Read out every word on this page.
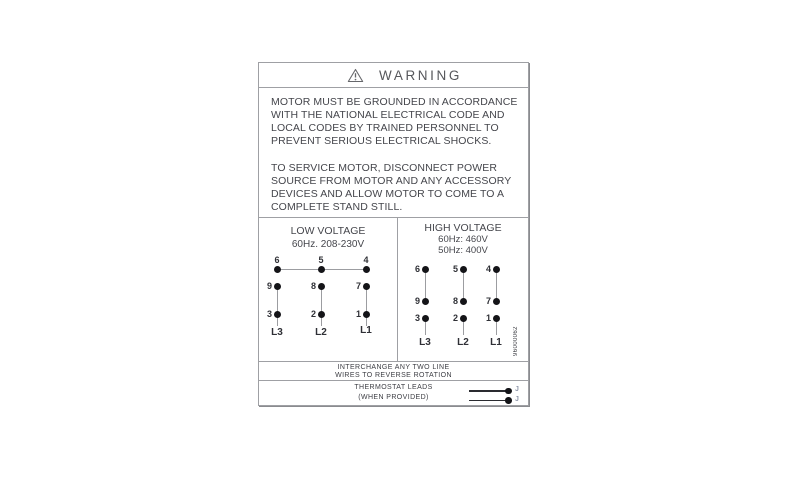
WARNING
MOTOR MUST BE GROUNDED IN ACCORDANCE
WITH THE NATIONAL ELECTRICAL CODE AND
LOCAL CODES BY TRAINED PERSONNEL TO
PREVENT SERIOUS ELECTRICAL SHOCKS.
TO SERVICE MOTOR, DISCONNECT POWER
SOURCE FROM MOTOR AND ANY ACCESSORY
DEVICES AND ALLOW MOTOR TO COME TO A
COMPLETE STAND STILL.
LOW VOLTAGE
60Hz. 208-230V
6	5	4
9	8	7
3	2	1
L3	L2	L1
HIGH VOLTAGE
60Hz: 460V
50Hz: 400V
6	5	4
9	8	7
3	2	1
L3	L2	L1	96000062
INTERCHANGE ANY TWO LINE
WIRES TO REVERSE ROTATION
THERMOSTAT LEADS
(WHEN PROVIDED)
J
J
